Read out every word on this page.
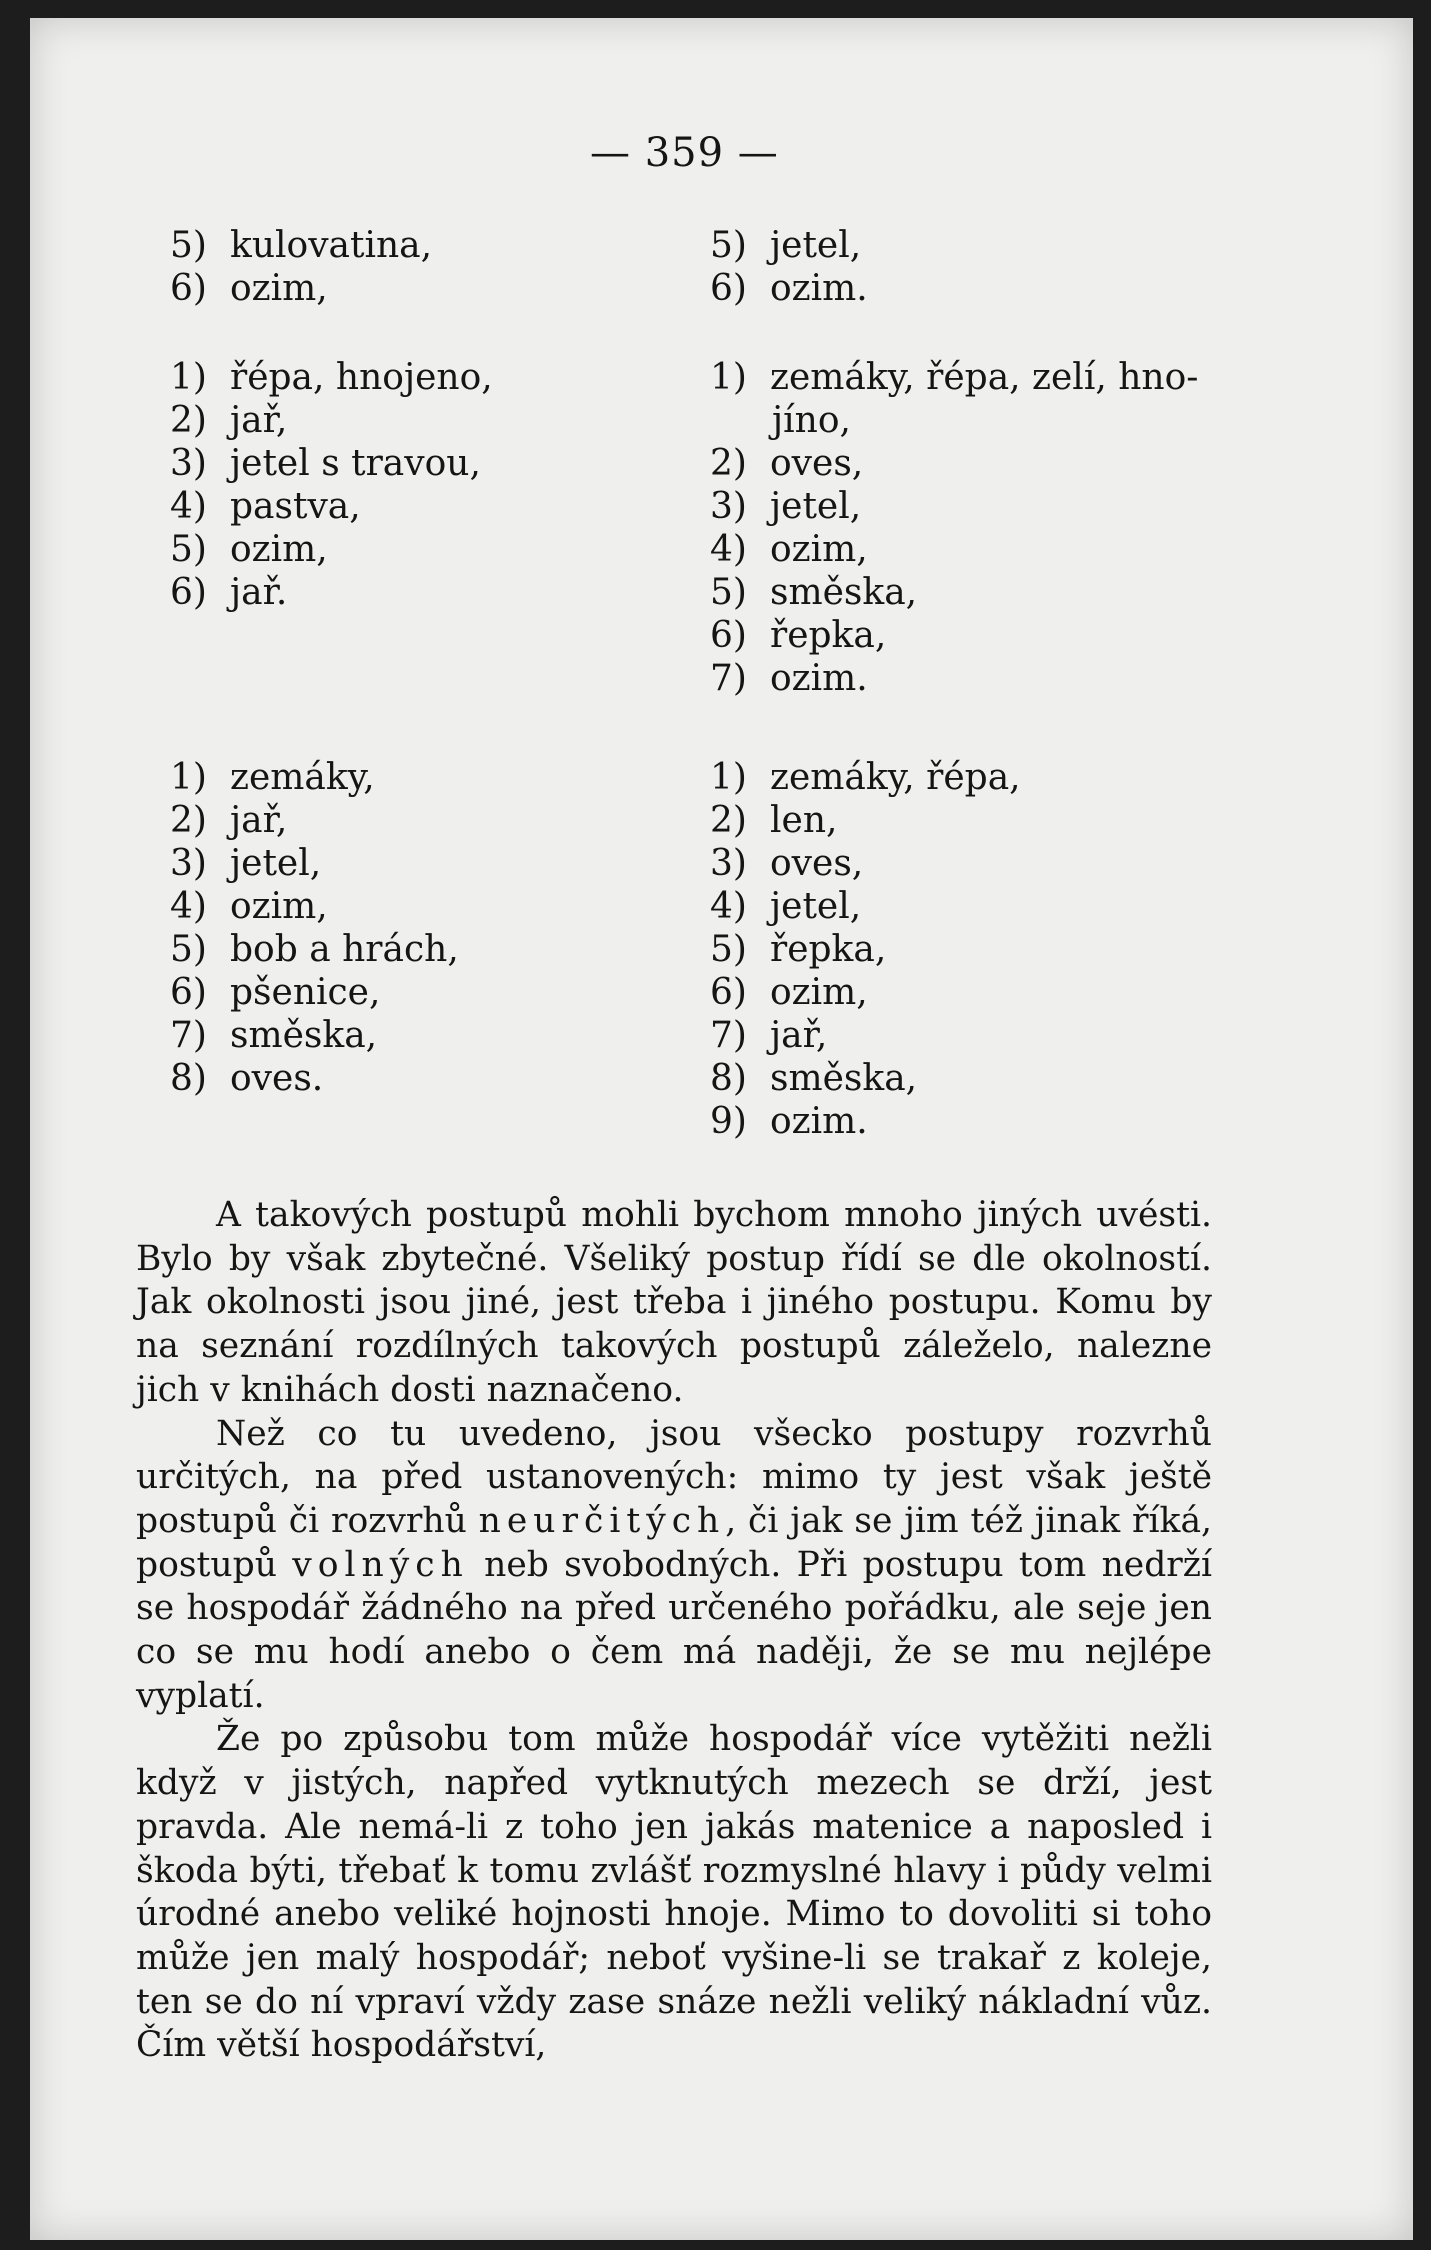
— 359 —
5) kulovatina,
6) ozim,
1) řépa, hnojeno,
2) jař,
3) jetel s travou,
4) pastva,
5) ozim,
6) jař.
1) zemáky,
2) jař,
3) jetel,
4) ozim,
5) bob a hrách,
6) pšenice,
7) směska,
8) oves.
5) jetel,
6) ozim.
1) zemáky, řépa, zelí, hno-
jíno,
2) oves,
3) jetel,
4) ozim,
5) směska,
6) řepka,
7) ozim.
1) zemáky, řépa,
2) len,
3) oves,
4) jetel,
5) řepka,
6) ozim,
7) jař,
8) směska,
9) ozim.

A takových postupů mohli bychom mnoho jiných uvésti. Bylo by však zbytečné. Všeliký postup řídí se dle okolností. Jak okolnosti jsou jiné, jest třeba i jiného postupu. Komu by na seznání rozdílných takových postupů záleželo, nalezne jich v knihách dosti naznačeno.

Než co tu uvedeno, jsou všecko postupy rozvrhů určitých, na před ustanovených: mimo ty jest však ještě postupů či rozvrhů neurčitých, či jak se jim též jinak říká, postupů volných neb svobodných. Při postupu tom nedrží se hospodář žádného na před určeného pořádku, ale seje jen co se mu hodí anebo o čem má naději, že se mu nejlépe vyplatí.

Že po způsobu tom může hospodář více vytěžiti nežli když v jistých, napřed vytknutých mezech se drží, jest pravda. Ale nemá-li z toho jen jakás matenice a naposled i škoda býti, třebať k tomu zvlášť rozmyslné hlavy i půdy velmi úrodné anebo veliké hojnosti hnoje. Mimo to dovoliti si toho může jen malý hospodář; neboť vyšine-li se trakař z koleje, ten se do ní vpraví vždy zase snáze nežli veliký nákladní vůz. Čím větší hospodářství,
